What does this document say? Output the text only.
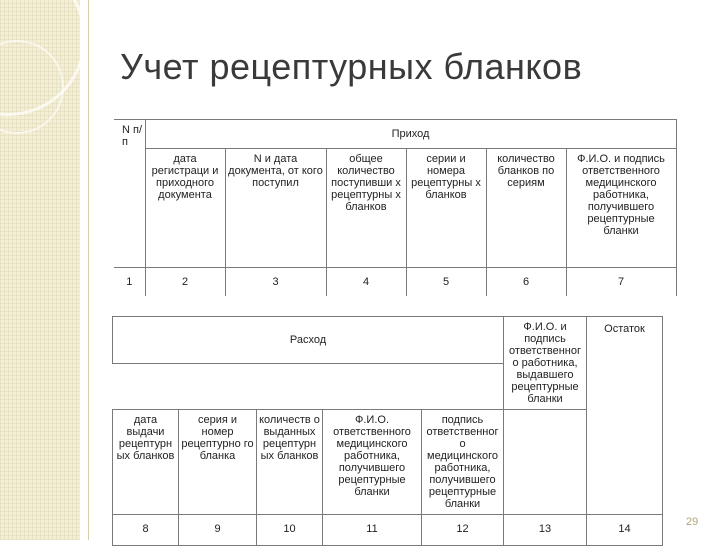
Учет рецептурных бланков
N п/п	Приход					
	дата регистраци и приходного документа	N и дата документа, от кого поступил	общее количество поступивши х рецептурны х бланков	серии и номера рецептурны х бланков	количество бланков по сериям	Ф.И.О. и подпись ответственного медицинского работника, получившего рецептурные бланки
1	2	3	4	5	6	7
Расход					Ф.И.О. и подпись ответственног о работника, выдавшего рецептурные бланки	Остаток

дата выдачи рецептурн ых бланков	серия и номер рецептурно го бланка	количеств о выданных рецептурн ых бланков	Ф.И.О. ответственного медицинского работника, получившего рецептурные бланки	подпись ответственног о медицинского работника, получившего рецептурные бланки		
8	9	10	11	12	13	14
29
